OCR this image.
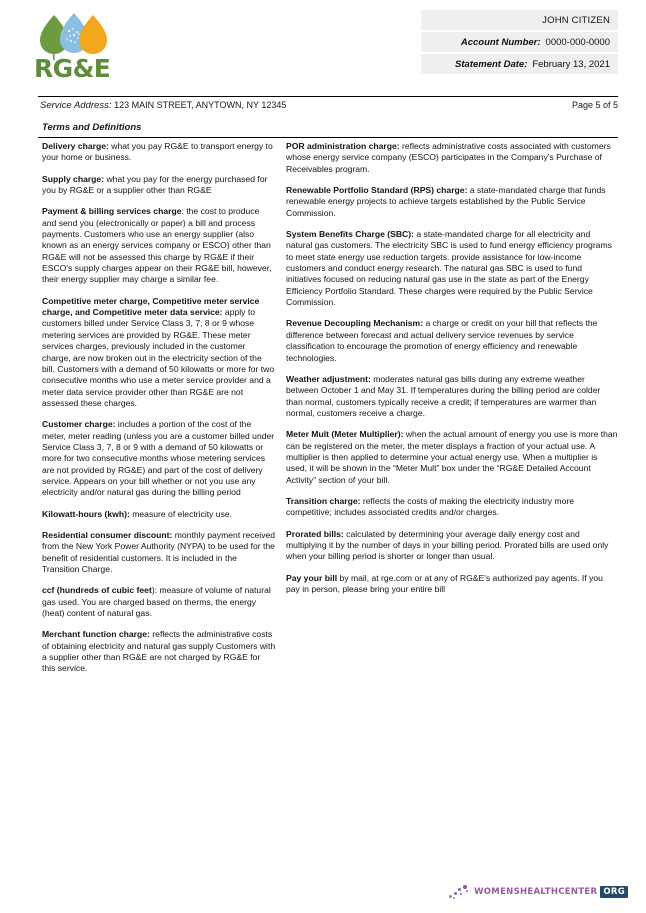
RG&E
JOHN CITIZEN
Account Number: 0000-000-0000
Statement Date: February 13, 2021
Service Address: 123 MAIN STREET, ANYTOWN, NY 12345	Page 5 of 5
Terms and Definitions

Delivery charge: what you pay RG&E to transport energy to your home or business.

Supply charge: what you pay for the energy purchased for you by RG&E or a supplier other than RG&E

Payment & billing services charge: the cost to produce and send you (electronically or paper) a bill and process payments. Customers who use an energy supplier (also known as an energy services company or ESCO) other than RG&E will not be assessed this charge by RG&E if their ESCO's supply charges appear on their RG&E bill, however, their energy supplier may charge a similar fee.

Competitive meter charge, Competitive meter service charge, and Competitive meter data service: apply to customers billed under Service Class 3, 7, 8 or 9 whose metering services are provided by RG&E. These meter services charges, previously included in the customer charge, are now broken out in the electricity section of the bill. Customers with a demand of 50 kilowatts or more for two consecutive months who use a meter service provider and a meter data service provider other than RG&E are not assessed these charges.

Customer charge: includes a portion of the cost of the meter, meter reading (unless you are a customer billed under Service Class 3, 7, 8 or 9 with a demand of 50 kilowatts or more for two consecutive months whose metering services are not provided by RG&E) and part of the cost of delivery service. Appears on your bill whether or not you use any electricity and/or natural gas during the billing period

Kilowatt-hours (kwh): measure of electricity use.

Residential consumer discount: monthly payment received from the New York Power Authority (NYPA) to be used for the benefit of residential customers. It is included in the Transition Charge.

ccf (hundreds of cubic feet): measure of volume of natural gas used. You are charged based on therms, the energy (heat) content of natural gas.

Merchant function charge: reflects the administrative costs of obtaining electricity and natural gas supply Customers with a supplier other than RG&E are not charged by RG&E for this service.

POR administration charge: reflects administrative costs associated with customers whose energy service company (ESCO) participates in the Company's Purchase of Receivables program.

Renewable Portfolio Standard (RPS) charge: a state-mandated charge that funds renewable energy projects to achieve targets established by the Public Service Commission.

System Benefits Charge (SBC): a state-mandated charge for all electricity and natural gas customers. The electricity SBC is used to fund energy efficiency programs to meet state energy use reduction targets. provide assistance for low-income customers and conduct energy research. The natural gas SBC is used to fund initiatives focused on reducing natural gas use in the state as part of the Energy Efficiency Portfolio Standard. These charges were required by the Public Service Commission.

Revenue Decoupling Mechanism: a charge or credit on your bill that reflects the difference between forecast and actual delivery service revenues by service classification to encourage the promotion of energy efficiency and renewable technologies.

Weather adjustment: moderates natural gas bills during any extreme weather between October 1 and May 31. If temperatures during the billing period are colder than normal, customers typically receive a credit; if temperatures are warmer than normal, customers receive a charge.

Meter Mult (Meter Multiplier): when the actual amount of energy you use is more than can be registered on the meter, the meter displays a fraction of your actual use. A multiplier is then applied to determine your actual energy use. When a multiplier is used, it will be shown in the “Meter Mult” box under the “RG&E Detailed Account Activity” section of your bill.

Transition charge: reflects the costs of making the electricity industry more competitive; includes associated credits and/or charges.

Prorated bills: calculated by determining your average daily energy cost and multiplying it by the number of days in your billing period. Prorated bills are used only when your billing period is shorter or longer than usual.

Pay your bill by mail, at rge.com or at any of RG&E's authorized pay agents. If you pay in person, please bring your entire bill

WOMENSHEALTHCENTER ORG
